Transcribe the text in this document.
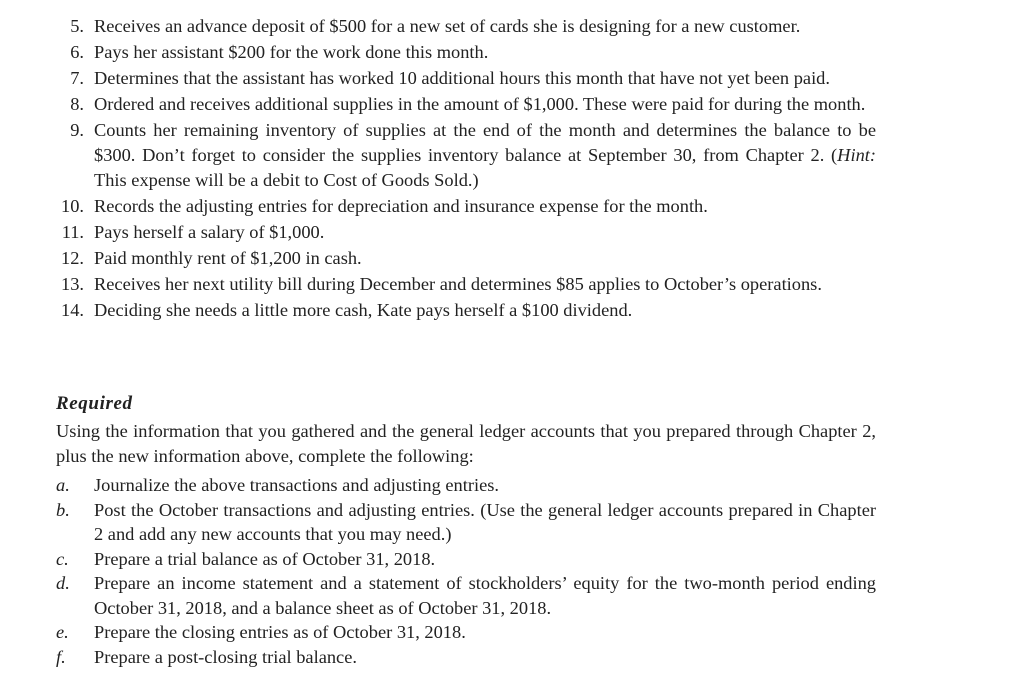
5. Receives an advance deposit of $500 for a new set of cards she is designing for a new customer.
6. Pays her assistant $200 for the work done this month.
7. Determines that the assistant has worked 10 additional hours this month that have not yet been paid.
8. Ordered and receives additional supplies in the amount of $1,000. These were paid for during the month.
9. Counts her remaining inventory of supplies at the end of the month and determines the balance to be $300. Don’t forget to consider the supplies inventory balance at September 30, from Chapter 2. (Hint: This expense will be a debit to Cost of Goods Sold.)
10. Records the adjusting entries for depreciation and insurance expense for the month.
11. Pays herself a salary of $1,000.
12. Paid monthly rent of $1,200 in cash.
13. Receives her next utility bill during December and determines $85 applies to October’s operations.
14. Deciding she needs a little more cash, Kate pays herself a $100 dividend.
Required
Using the information that you gathered and the general ledger accounts that you prepared through Chapter 2, plus the new information above, complete the following:
a. Journalize the above transactions and adjusting entries.
b. Post the October transactions and adjusting entries. (Use the general ledger accounts prepared in Chapter 2 and add any new accounts that you may need.)
c. Prepare a trial balance as of October 31, 2018.
d. Prepare an income statement and a statement of stockholders’ equity for the two-month period ending October 31, 2018, and a balance sheet as of October 31, 2018.
e. Prepare the closing entries as of October 31, 2018.
f. Prepare a post-closing trial balance.
